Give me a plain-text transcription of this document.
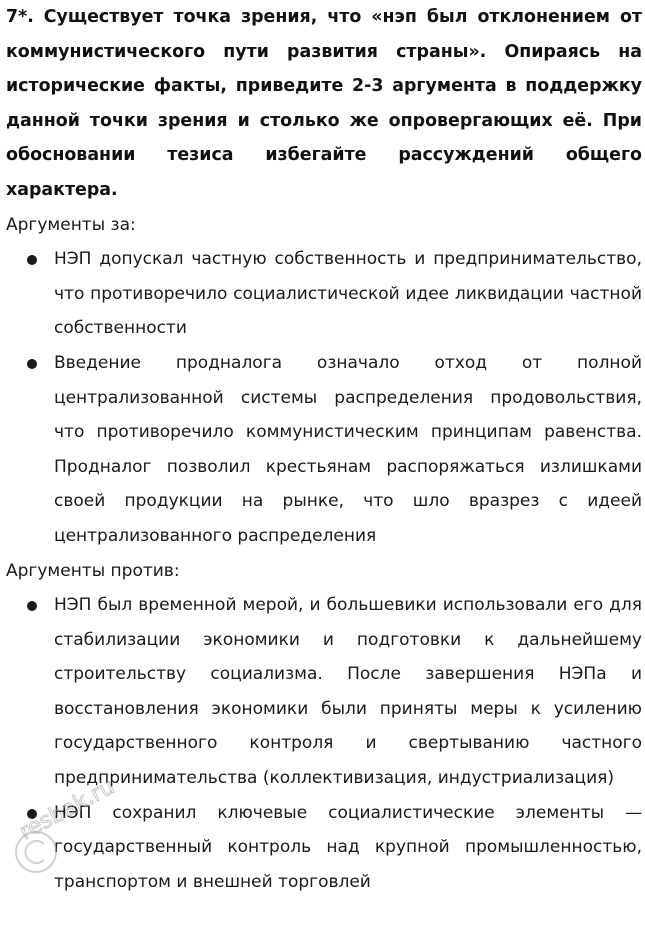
7*. Существует точка зрения, что «нэп был отклонением от коммунистического пути развития страны». Опираясь на исторические факты, приведите 2-3 аргумента в поддержку данной точки зрения и столько же опровергающих её. При обосновании тезиса избегайте рассуждений общего характера.

Аргументы за:

НЭП допускал частную собственность и предпринимательство, что противоречило социалистической идее ликвидации частной собственности
Введение продналога означало отход от полной централизованной системы распределения продовольствия, что противоречило коммунистическим принципам равенства. Продналог позволил крестьянам распоряжаться излишками своей продукции на рынке, что шло вразрез с идеей централизованного распределения

Аргументы против:

НЭП был временной мерой, и большевики использовали его для стабилизации экономики и подготовки к дальнейшему строительству социализма. После завершения НЭПа и восстановления экономики были приняты меры к усилению государственного контроля и свертыванию частного предпринимательства (коллективизация, индустриализация)
НЭП сохранил ключевые социалистические элементы — государственный контроль над крупной промышленностью, транспортом и внешней торговлей
resbak.ru
